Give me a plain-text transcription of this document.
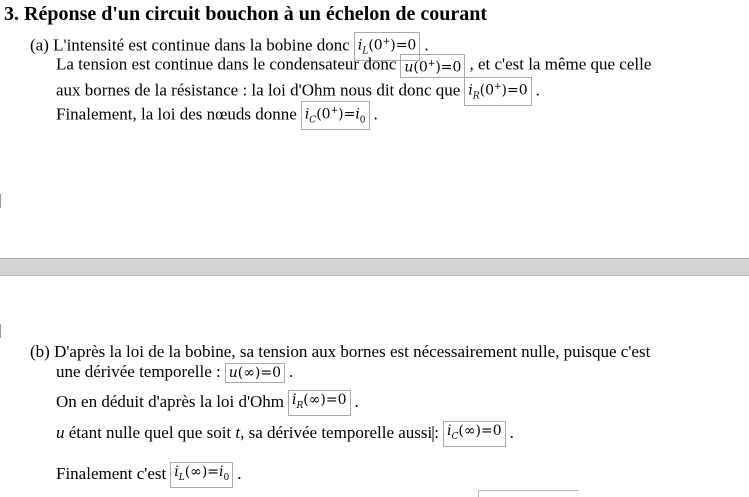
3. Réponse d'un circuit bouchon à un échelon de courant
(a) L'intensité est continue dans la bobine donc $i_L(0^+)=0$ .
La tension est continue dans le condensateur donc u(0+)=0 , et c'est la même que celle
aux bornes de la résistance : la loi d'Ohm nous dit donc que $i_R(0^+)=0$ .
Finalement, la loi des nœuds donne $i_C(0^+)=i_0$ .
(b) D'après la loi de la bobine, sa tension aux bornes est nécessairement nulle, puisque c'est
une dérivée temporelle : u(∞)=0 .
On en déduit d'après la loi d'Ohm $i_R(\infty)=0$ .
u étant nulle quel que soit t, sa dérivée temporelle aussi : $i_C(\infty)=0$ .
Finalement c'est $i_L(\infty)=i_0$ .
